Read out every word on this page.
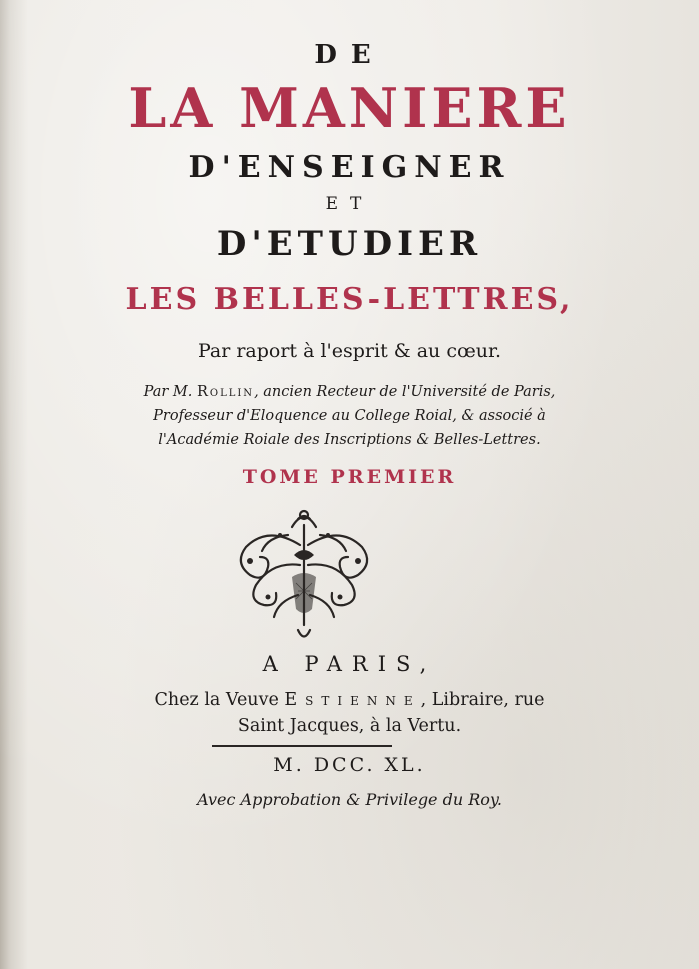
DE
LA MANIERE
D'ENSEIGNER
ET
D'ETUDIER
LES BELLES-LETTRES,
Par raport à l'esprit & au cœur.
Par M. Rollin, ancien Recteur de l'Université de Paris,
Professeur d'Eloquence au College Roial, & associé à
l'Académie Roiale des Inscriptions & Belles-Lettres.
TOME PREMIER
A PARIS,
Chez la Veuve Estienne, Libraire, rue
Saint Jacques, à la Vertu.
M. DCC. XL.
Avec Approbation & Privilege du Roy.
